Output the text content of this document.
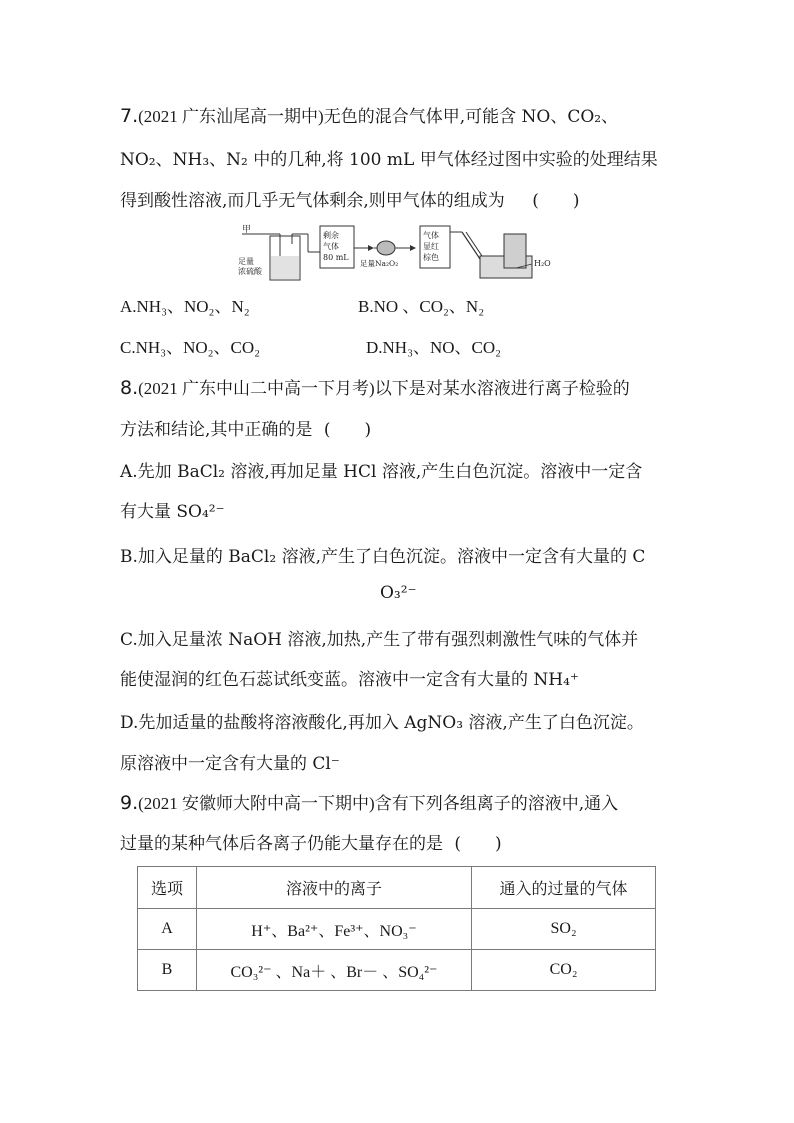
7.(2021 广东汕尾高一期中)无色的混合气体甲,可能含 NO、CO₂、
NO₂、NH₃、N₂ 中的几种,将 100 mL 甲气体经过图中实验的处理结果
得到酸性溶液,而几乎无气体剩余,则甲气体的组成为 (　　)
甲
足量
浓硫酸
剩余
气体
80 mL
足量Na₂O₂
气体
显红
棕色
H₂O
A.NH₃、NO₂、N₂	B.NO 、CO₂、N₂
C.NH₃、NO₂、CO₂	D.NH₃、NO、CO₂
8.(2021 广东中山二中高一下月考)以下是对某水溶液进行离子检验的
方法和结论,其中正确的是 (　　)
A.先加 BaCl₂ 溶液,再加足量 HCl 溶液,产生白色沉淀。溶液中一定含
有大量 SO₄²⁻
B.加入足量的 BaCl₂ 溶液,产生了白色沉淀。溶液中一定含有大量的 C
O₃²⁻
C.加入足量浓 NaOH 溶液,加热,产生了带有强烈刺激性气味的气体并
能使湿润的红色石蕊试纸变蓝。溶液中一定含有大量的 NH₄⁺
D.先加适量的盐酸将溶液酸化,再加入 AgNO₃ 溶液,产生了白色沉淀。
原溶液中一定含有大量的 Cl⁻
9.(2021 安徽师大附中高一下期中)含有下列各组离子的溶液中,通入
过量的某种气体后各离子仍能大量存在的是 (　　)
选项	溶液中的离子	通入的过量的气体
A	H⁺、Ba²⁺、Fe³⁺、NO₃⁻	SO₂
B	CO₃²⁻ 、Na＋ 、Br－ 、SO₄²⁻	CO₂
